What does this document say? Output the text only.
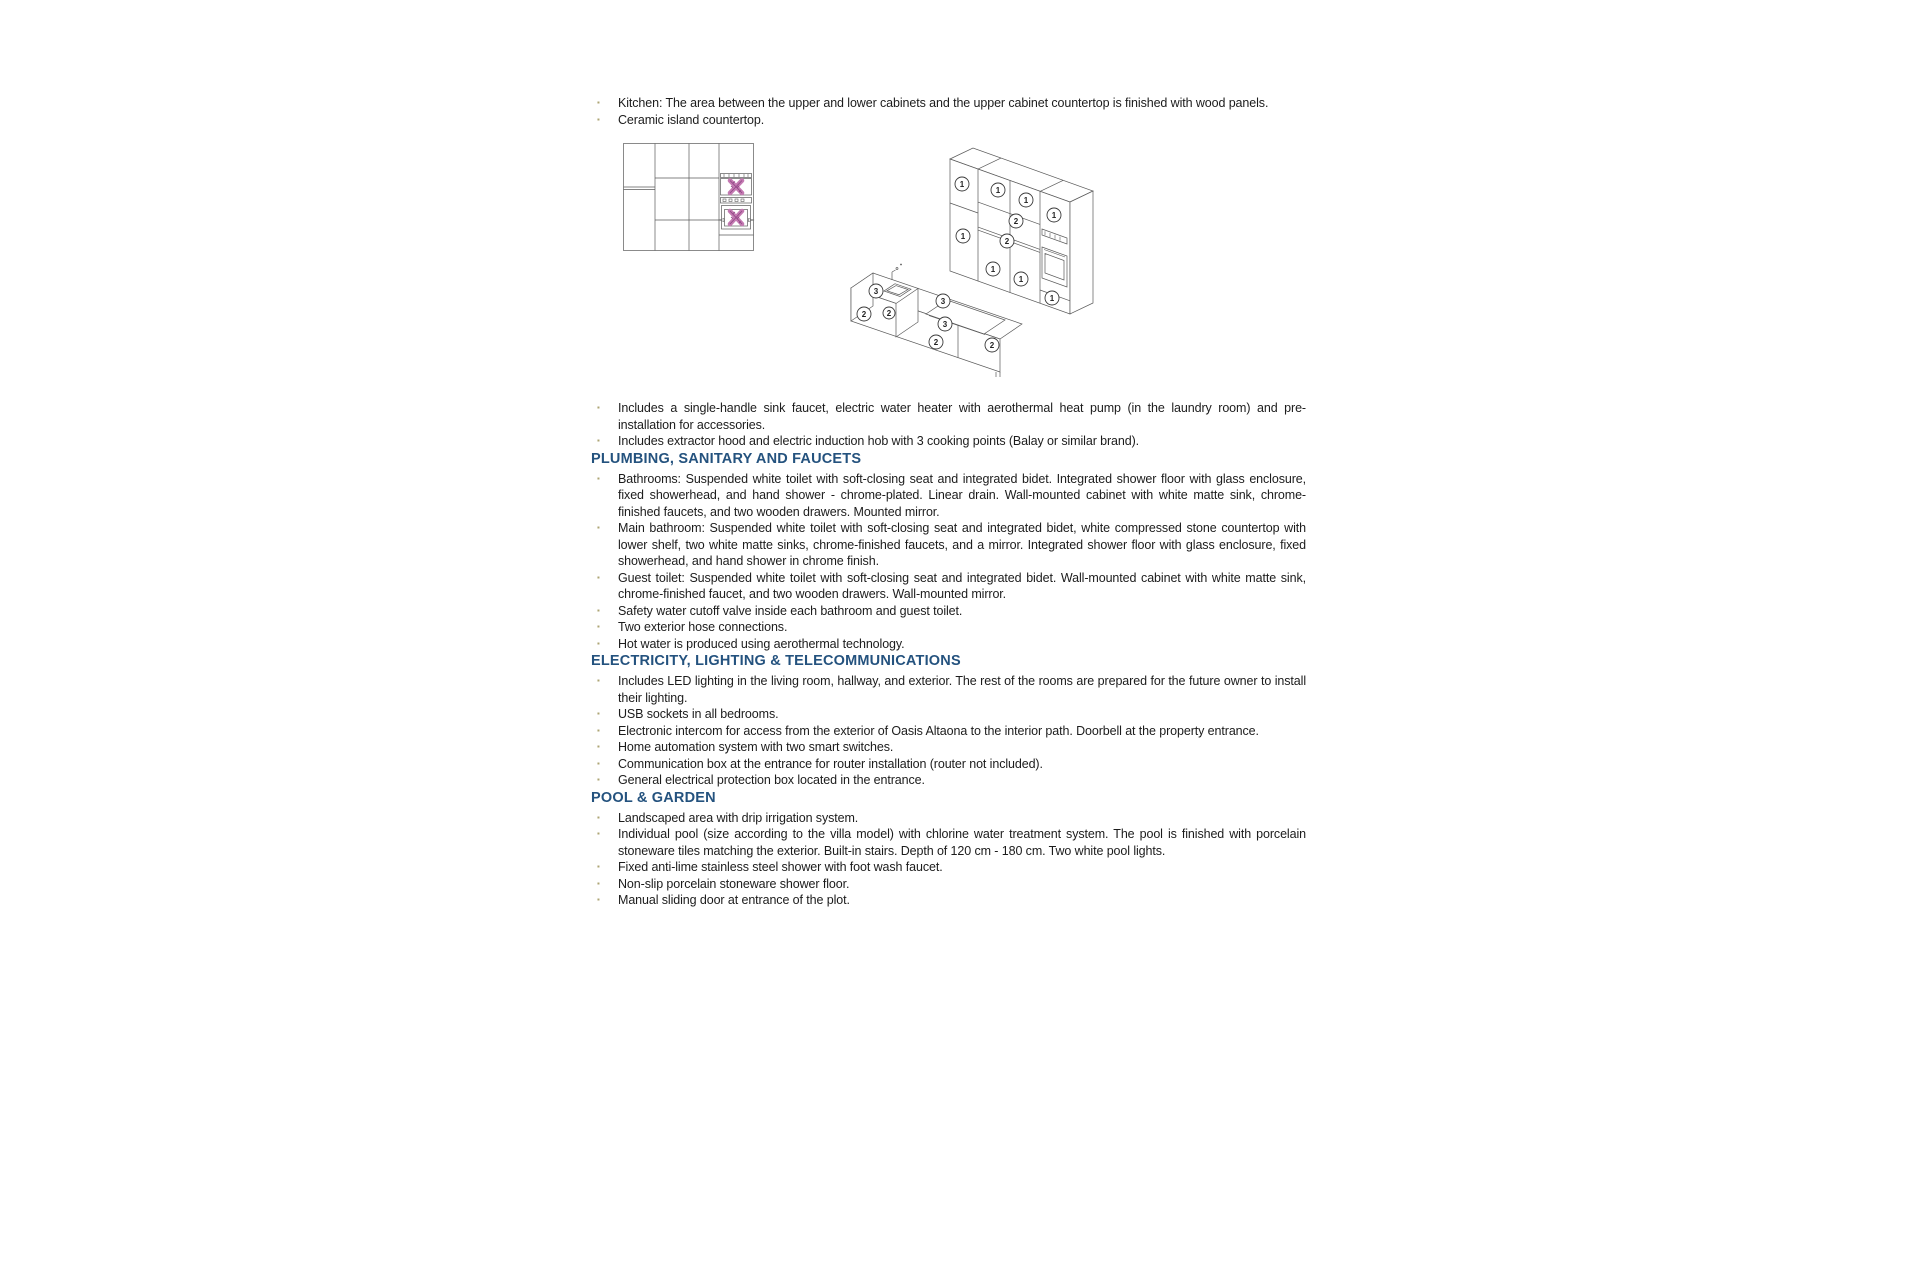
▪ Kitchen: The area between the upper and lower cabinets and the upper cabinet countertop is finished with wood panels.
▪ Ceramic island countertop.
1
1
1
1
2
2
1
1
1
1
3
2	2
3
3
2	2
▪ Includes a single-handle sink faucet, electric water heater with aerothermal heat pump (in the laundry room) and pre-installation for accessories.
▪ Includes extractor hood and electric induction hob with 3 cooking points (Balay or similar brand).
PLUMBING, SANITARY AND FAUCETS
▪ Bathrooms: Suspended white toilet with soft-closing seat and integrated bidet. Integrated shower floor with glass enclosure, fixed showerhead, and hand shower - chrome-plated. Linear drain. Wall-mounted cabinet with white matte sink, chrome-finished faucets, and two wooden drawers. Mounted mirror.
▪ Main bathroom: Suspended white toilet with soft-closing seat and integrated bidet, white compressed stone countertop with lower shelf, two white matte sinks, chrome-finished faucets, and a mirror. Integrated shower floor with glass enclosure, fixed showerhead, and hand shower in chrome finish.
▪ Guest toilet: Suspended white toilet with soft-closing seat and integrated bidet. Wall-mounted cabinet with white matte sink, chrome-finished faucet, and two wooden drawers. Wall-mounted mirror.
▪ Safety water cutoff valve inside each bathroom and guest toilet.
▪ Two exterior hose connections.
▪ Hot water is produced using aerothermal technology.
ELECTRICITY, LIGHTING & TELECOMMUNICATIONS
▪ Includes LED lighting in the living room, hallway, and exterior. The rest of the rooms are prepared for the future owner to install their lighting.
▪ USB sockets in all bedrooms.
▪ Electronic intercom for access from the exterior of Oasis Altaona to the interior path. Doorbell at the property entrance.
▪ Home automation system with two smart switches.
▪ Communication box at the entrance for router installation (router not included).
▪ General electrical protection box located in the entrance.
POOL & GARDEN
▪ Landscaped area with drip irrigation system.
▪ Individual pool (size according to the villa model) with chlorine water treatment system. The pool is finished with porcelain stoneware tiles matching the exterior. Built-in stairs. Depth of 120 cm - 180 cm. Two white pool lights.
▪ Fixed anti-lime stainless steel shower with foot wash faucet.
▪ Non-slip porcelain stoneware shower floor.
▪ Manual sliding door at entrance of the plot.
